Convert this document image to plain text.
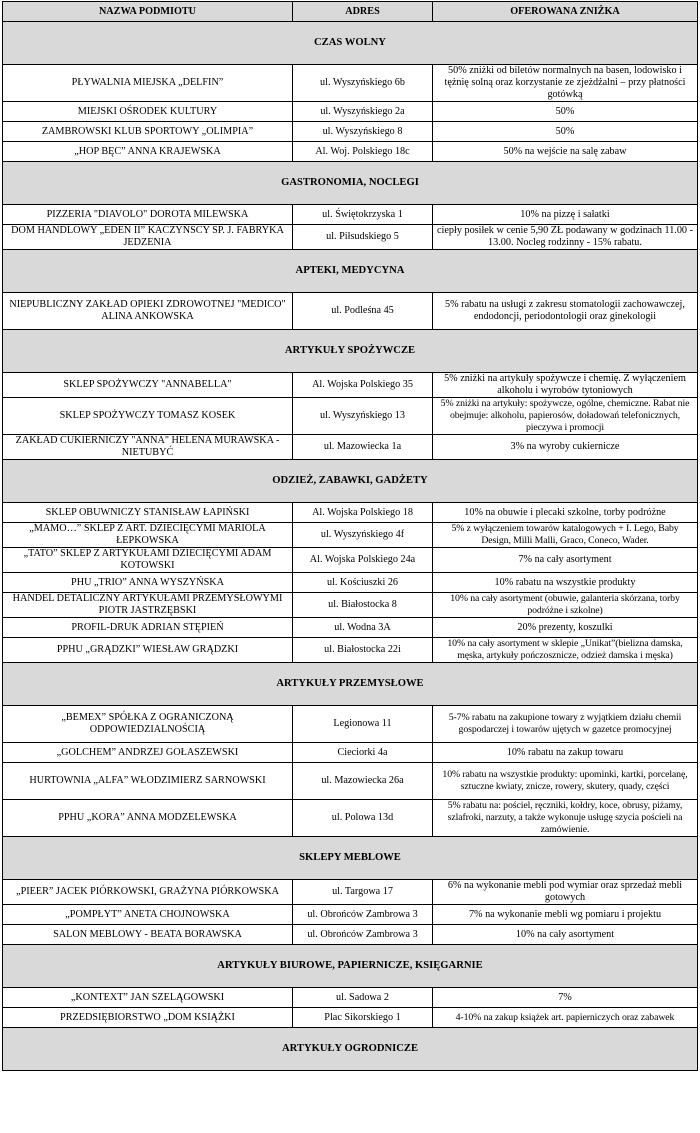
NAZWA PODMIOTU	ADRES	OFEROWANA ZNIŻKA
CZAS WOLNY		
PŁYWALNIA MIEJSKA „DELFIN”	ul. Wyszyńskiego 6b	50% zniżki od biletów normalnych na basen, lodowisko i tężnię solną oraz korzystanie ze zjeżdżalni – przy płatności gotówką
MIEJSKI OŚRODEK KULTURY	ul. Wyszyńskiego 2a	50%
ZAMBROWSKI KLUB SPORTOWY „OLIMPIA”	ul. Wyszyńskiego 8	50%
„HOP BĘC” ANNA KRAJEWSKA	Al. Woj. Polskiego 18c	50% na wejście na salę zabaw
GASTRONOMIA, NOCLEGI		
PIZZERIA "DIAVOLO" DOROTA MILEWSKA	ul. Świętokrzyska 1	10% na pizzę i sałatki
DOM HANDLOWY „EDEN II” KACZYŃSCY SP. J. FABRYKA JEDZENIA	ul. Piłsudskiego 5	ciepły posiłek w cenie 5,90 ZŁ podawany w godzinach 11.00 - 13.00. Nocleg rodzinny - 15% rabatu.
APTEKI, MEDYCYNA		
NIEPUBLICZNY ZAKŁAD OPIEKI ZDROWOTNEJ "MEDICO" ALINA ANKOWSKA	ul. Podleśna 45	5% rabatu na usługi z zakresu stomatologii zachowawczej, endodoncji, periodontologii oraz ginekologii
ARTYKUŁY SPOŻYWCZE		
SKLEP SPOŻYWCZY "ANNABELLA"	Al. Wojska Polskiego 35	5% zniżki na artykuły spożywcze i chemię. Z wyłączeniem alkoholu i wyrobów tytoniowych
SKLEP SPOŻYWCZY TOMASZ KOSEK	ul. Wyszyńskiego 13	5% zniżki na artykuły: spożywcze, ogólne, chemiczne. Rabat nie obejmuje: alkoholu, papierosów, doładowań telefonicznych, pieczywa i promocji
ZAKŁAD CUKIERNICZY "ANNA" HELENA MURAWSKA - NIETUBYĆ	ul. Mazowiecka 1a	3% na wyroby cukiernicze
ODZIEŻ, ZABAWKI, GADŻETY		
SKLEP OBUWNICZY STANISŁAW ŁAPIŃSKI	Al. Wojska Polskiego 18	10% na obuwie i plecaki szkolne, torby podróżne
„MAMO…” SKLEP Z ART. DZIECIĘCYMI MARIOLA ŁEPKOWSKA	ul. Wyszyńskiego 4f	5% z wyłączeniem towarów katalogowych + I. Lego, Baby Design, Milli Malli, Graco, Coneco, Wader.
„TATO” SKLEP Z ARTYKUŁAMI DZIECIĘCYMI ADAM KOTOWSKI	Al. Wojska Polskiego 24a	7% na cały asortyment
PHU „TRIO” ANNA WYSZYŃSKA	ul. Kościuszki 26	10% rabatu na wszystkie produkty
HANDEL DETALICZNY ARTYKUŁAMI PRZEMYSŁOWYMI PIOTR JASTRZĘBSKI	ul. Białostocka 8	10% na cały asortyment (obuwie, galanteria skórzana, torby podróżne i szkolne)
PROFIL-DRUK ADRIAN STĘPIEŃ	ul. Wodna 3A	20% prezenty, koszulki
PPHU „GRĄDZKI” WIESŁAW GRĄDZKI	ul. Białostocka 22i	10% na cały asortyment w sklepie „Unikat”(bielizna damska, męska, artykuły pończosznicze, odzież damska i męska)
ARTYKUŁY PRZEMYSŁOWE		
„BEMEX” SPÓŁKA Z OGRANICZONĄ ODPOWIEDZIALNOŚCIĄ	Legionowa 11	5-7% rabatu na zakupione towary z wyjątkiem działu chemii gospodarczej i towarów ujętych w gazetce promocyjnej
„GOLCHEM” ANDRZEJ GOŁASZEWSKI	Cieciorki 4a	10% rabatu na zakup towaru
HURTOWNIA „ALFA” WŁODZIMIERZ SARNOWSKI	ul. Mazowiecka 26a	10% rabatu na wszystkie produkty: upominki, kartki, porcelanę, sztuczne kwiaty, znicze, rowery, skutery, quady, części
PPHU „KORA” ANNA MODZELEWSKA	ul. Polowa 13d	5% rabatu na: pościel, ręczniki, kołdry, koce, obrusy, piżamy, szlafroki, narzuty, a także wykonuje usługę szycia pościeli na zamówienie.
SKLEPY MEBLOWE		
„PIEER” JACEK PIÓRKOWSKI, GRAŻYNA PIÓRKOWSKA	ul. Targowa 17	6% na wykonanie mebli pod wymiar oraz sprzedaż mebli gotowych
„POMPŁYT” ANETA CHOJNOWSKA	ul. Obrońców Zambrowa 3	7% na wykonanie mebli wg pomiaru i projektu
SALON MEBLOWY - BEATA BORAWSKA	ul. Obrońców Zambrowa 3	10% na cały asortyment
ARTYKUŁY BIUROWE, PAPIERNICZE, KSIĘGARNIE		
„KONTEXT” JAN SZELĄGOWSKI	ul. Sadowa 2	7%
PRZEDSIĘBIORSTWO „DOM KSIĄŻKI	Plac Sikorskiego 1	4-10% na zakup książek art. papierniczych oraz zabawek
ARTYKUŁY OGRODNICZE		
